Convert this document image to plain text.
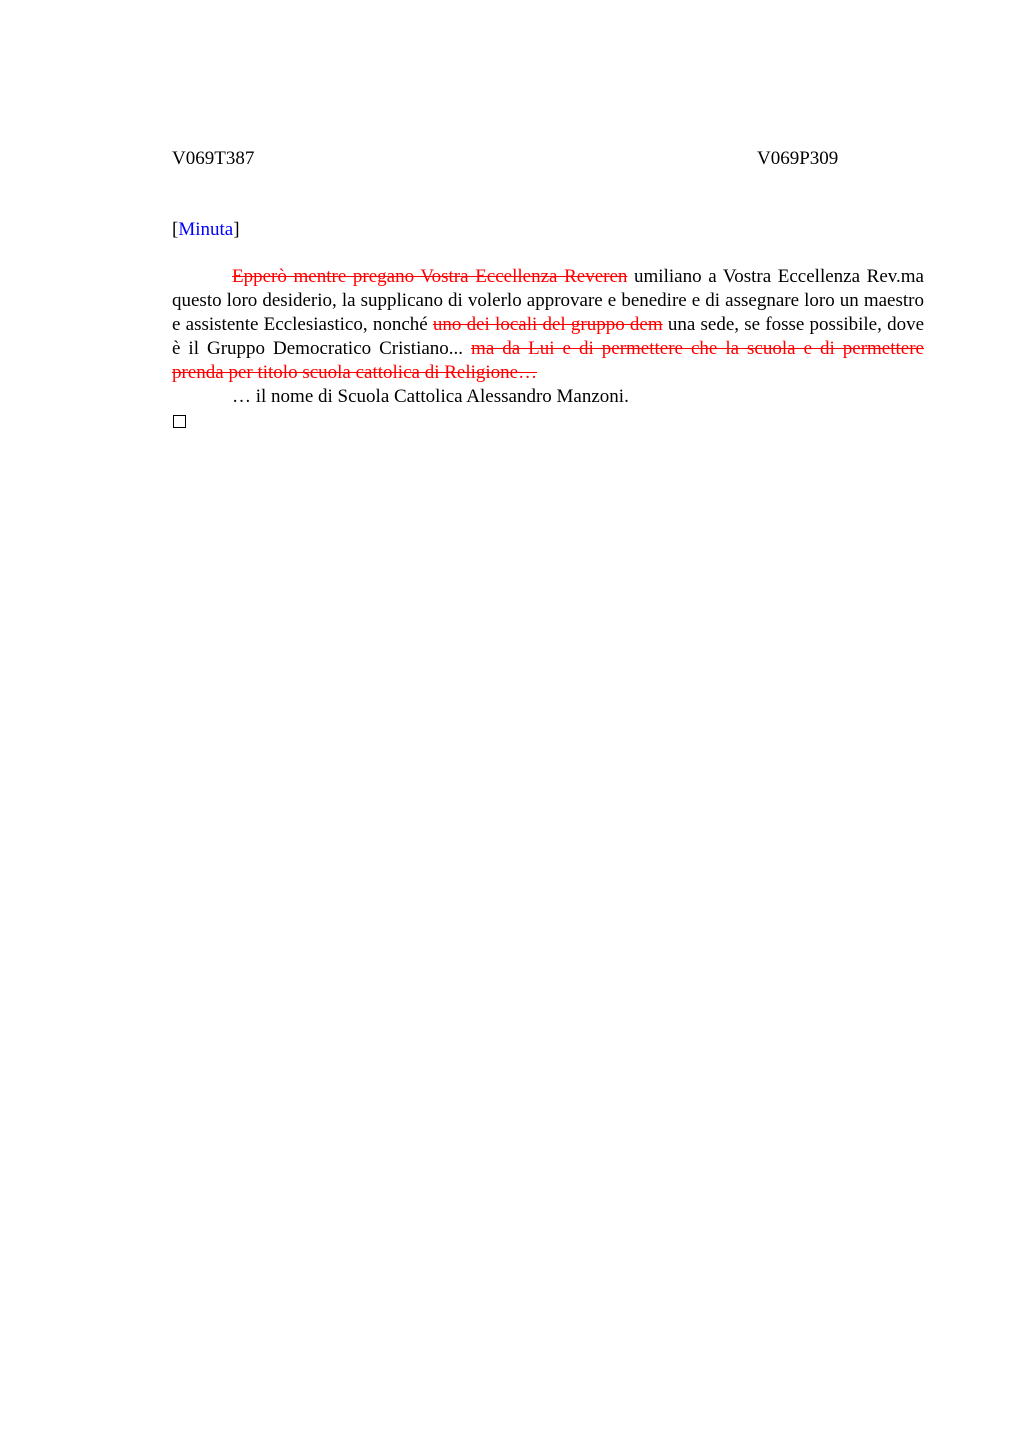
V069T387	V069P309
[Minuta]

Epperò mentre pregano Vostra Eccellenza Reveren umiliano a Vostra Eccellenza Rev.ma questo loro desiderio, la supplicano di volerlo approvare e benedire e di assegnare loro un maestro e assistente Ecclesiastico, nonché uno dei locali del gruppo dem una sede, se fosse possibile, dove è il Gruppo Democratico Cristiano... ma da Lui e di permettere che la scuola e di permettere prenda per titolo scuola cattolica di Religione…

… il nome di Scuola Cattolica Alessandro Manzoni.
